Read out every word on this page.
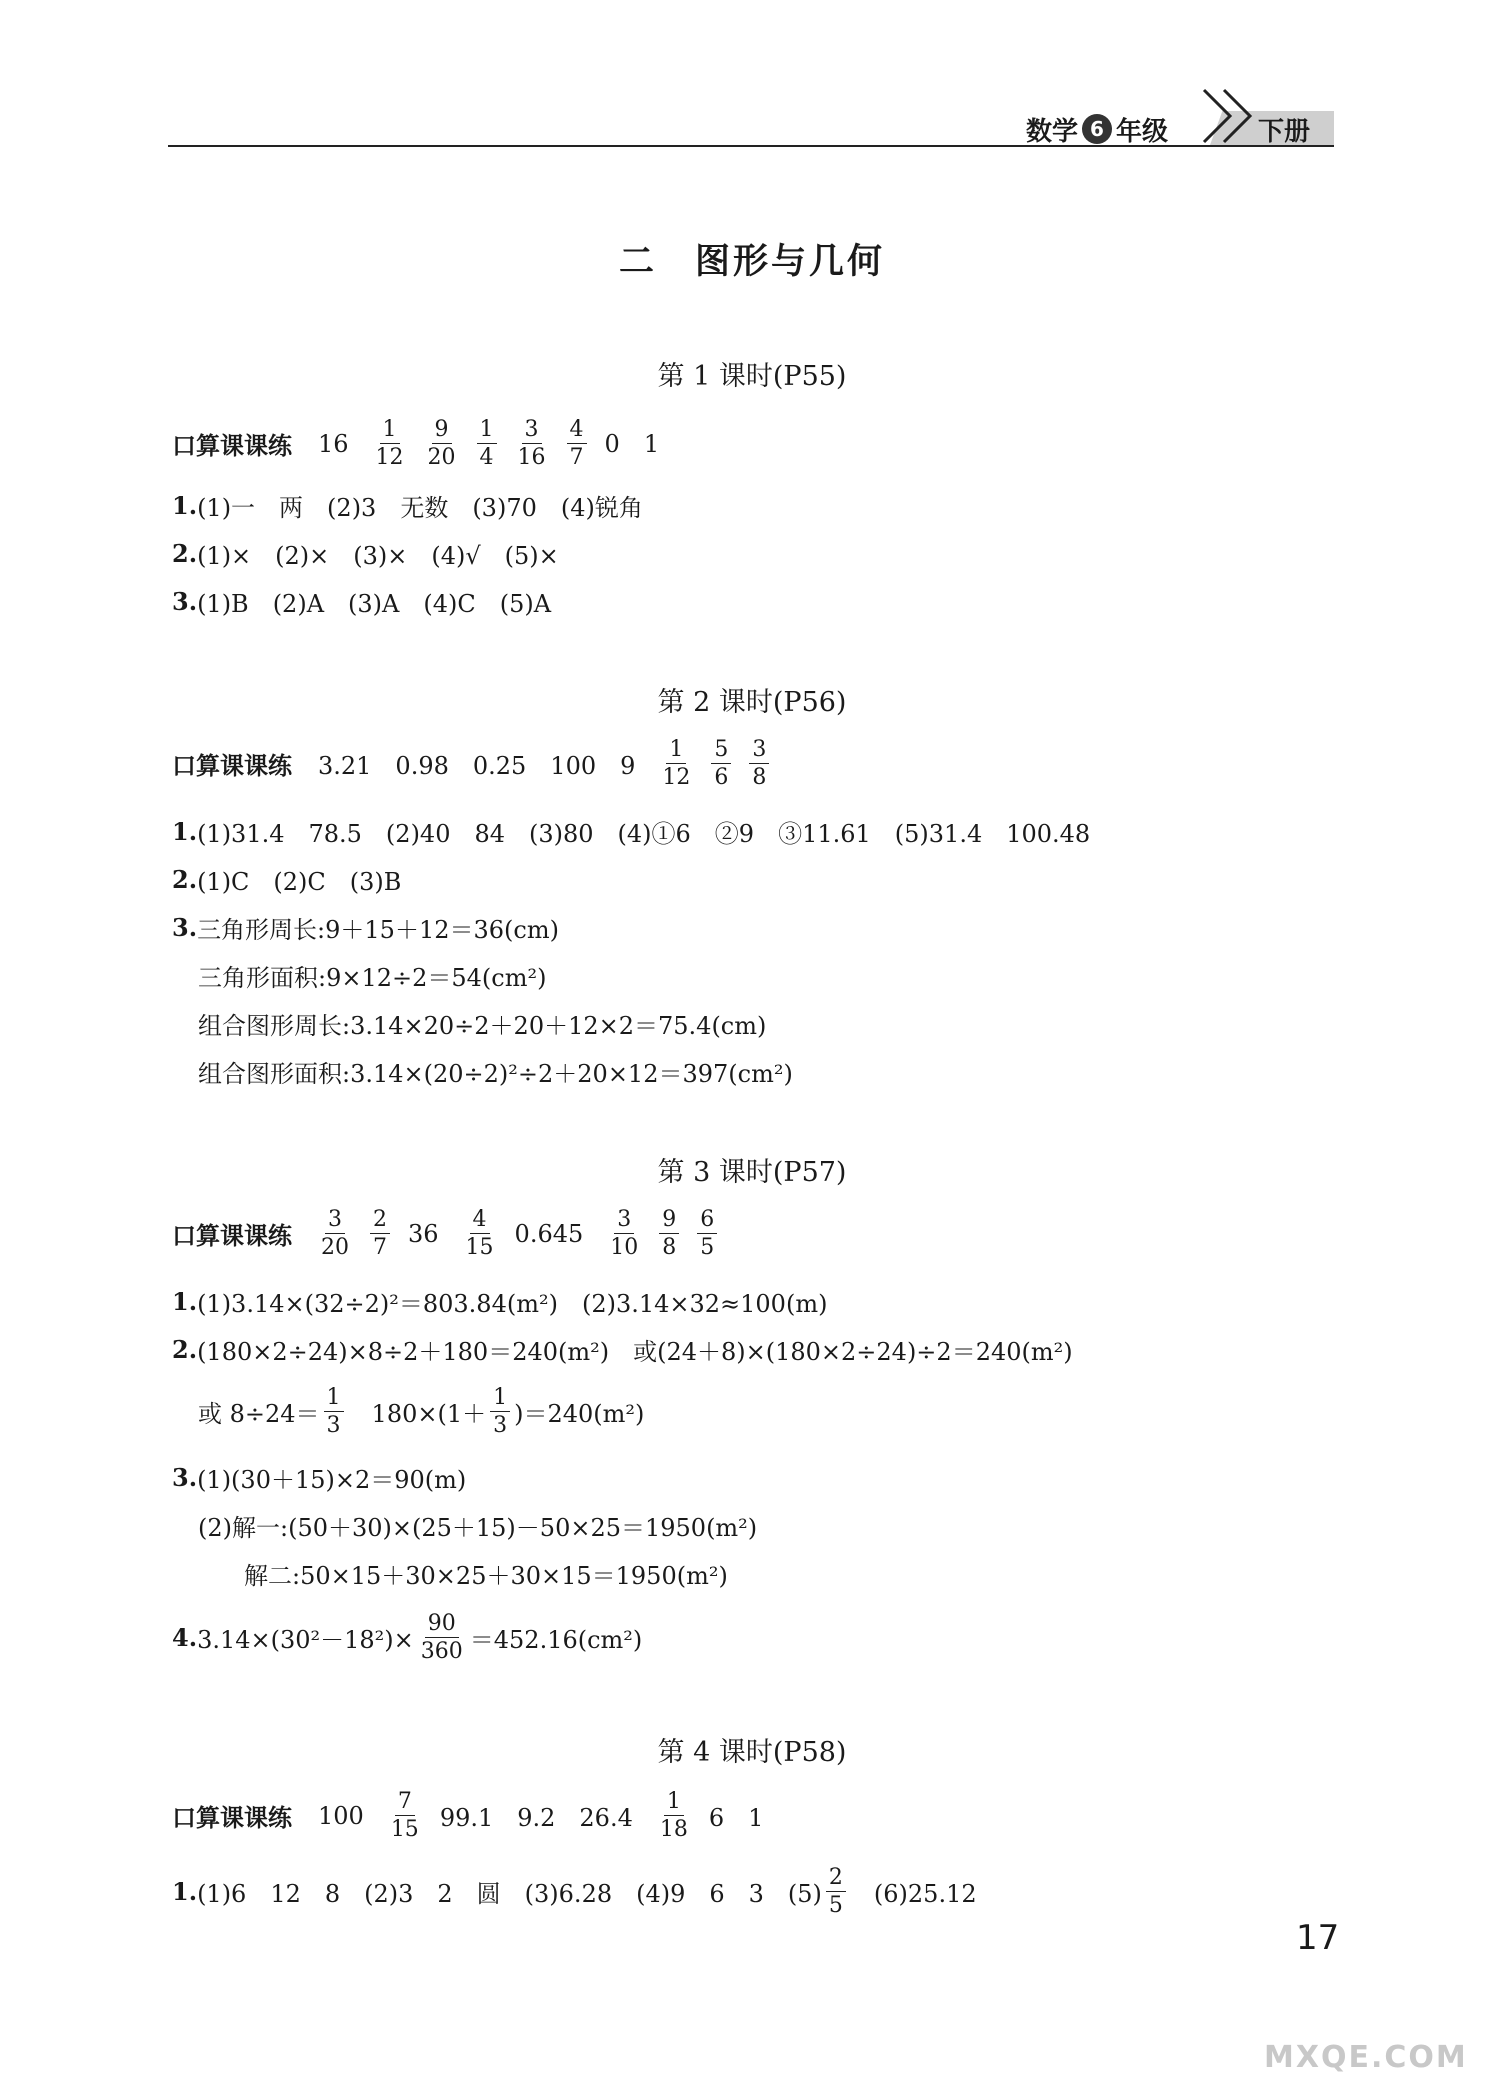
数学 6 年级	下册
二　图形与几何
第 1 课时(P55)
口算课课练 $16 \frac{1}{12} \frac{9}{20} \frac{1}{4} \frac{3}{16} \frac{4}{7} 0$ 1
1. (1)一　两　(2)3　无数　(3)70　(4)锐角
2. (1)×　(2)×　(3)×　(4)√　(5)×
3. (1)B　(2)A　(3)A　(4)C　(5)A
第 2 课时(P56)
口算课课练 3.21　0.98　0.25　100　$9 \frac{1}{12} \frac{5}{6} \frac{3}{8}$
1. (1)31.4　78.5　(2)40　84　(3)80　(4)①6　②9　③11.61　(5)31.4　100.48
2. (1)C　(2)C　(3)B
3. 三角形周长:9＋15＋12＝36(cm)
三角形面积:9×12÷2＝54(cm²)
组合图形周长:3.14×20÷2＋20＋12×2＝75.4(cm)
组合图形面积:3.14×(20÷2)²÷2＋20×12＝397(cm²)
第 3 课时(P57)
口算课课练 $\frac{3}{20} \frac{2}{7} 36 \frac{4}{15} 0.645 \frac{3}{10} \frac{9}{8} \frac{6}{5}$
1. (1)3.14×(32÷2)²＝803.84(m²)　(2)3.14×32≈100(m)
2. (180×2÷24)×8÷2＋180＝240(m²)　或(24＋8)×(180×2÷24)÷2＝240(m²)
或 $8\div 24= \frac{1}{3}$ 　$180\times(1+ \frac{1}{3} )=240(m^2)$
3. (1)(30＋15)×2＝90(m)
(2)解一:(50＋30)×(25＋15)－50×25＝1950(m²)
解二:50×15＋30×25＋30×15＝1950(m²)
4. $3.14\times(30^2-18^2)\times \frac{90}{360} =452.16(cm^2)$
第 4 课时(P58)
口算课课练 $100 \frac{7}{15} 99.1$　9.2　$26.4 \frac{1}{18} 6$　1
1. (1)6　12　8　(2)3　2　圆　(3)6.28　(4)9　6　3　$(5) \frac{2}{5}$ 　(6)25.12
17
MXQE.COM
